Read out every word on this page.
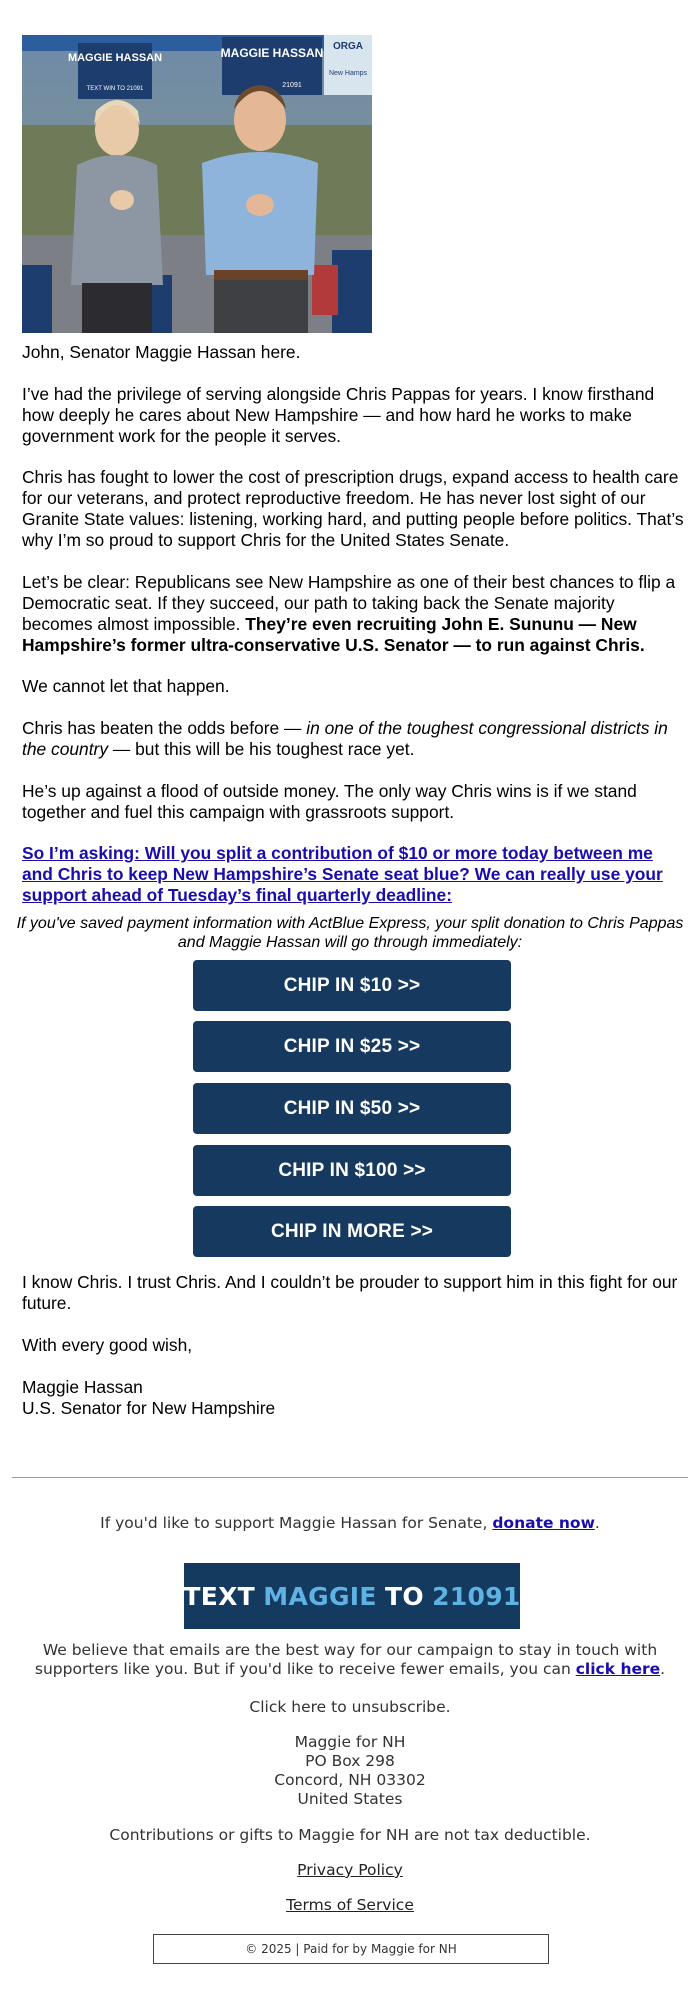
MAGGIE HASSAN
TEXT WIN TO 21091
MAGGIE HASSAN
21091
ORGA
New Hamps
John, Senator Maggie Hassan here.
I’ve had the privilege of serving alongside Chris Pappas for years. I know firsthand how deeply he cares about New Hampshire — and how hard he works to make government work for the people it serves.
Chris has fought to lower the cost of prescription drugs, expand access to health care for our veterans, and protect reproductive freedom. He has never lost sight of our Granite State values: listening, working hard, and putting people before politics. That’s why I’m so proud to support Chris for the United States Senate.
Let’s be clear: Republicans see New Hampshire as one of their best chances to flip a Democratic seat. If they succeed, our path to taking back the Senate majority becomes almost impossible. They’re even recruiting John E. Sununu — New Hampshire’s former ultra-conservative U.S. Senator — to run against Chris.
We cannot let that happen.
Chris has beaten the odds before — in one of the toughest congressional districts in the country — but this will be his toughest race yet.
He’s up against a flood of outside money. The only way Chris wins is if we stand together and fuel this campaign with grassroots support.
So I’m asking: Will you split a contribution of $10 or more today between me and Chris to keep New Hampshire’s Senate seat blue? We can really use your support ahead of Tuesday’s final quarterly deadline:
If you've saved payment information with ActBlue Express, your split donation to Chris Pappas and Maggie Hassan will go through immediately:
CHIP IN $10 >>
CHIP IN $25 >>
CHIP IN $50 >>
CHIP IN $100 >>
CHIP IN MORE >>
I know Chris. I trust Chris. And I couldn’t be prouder to support him in this fight for our future.
With every good wish,
Maggie Hassan
U.S. Senator for New Hampshire
If you'd like to support Maggie Hassan for Senate, donate now.
TEXT
MAGGIE
TO
21091
We believe that emails are the best way for our campaign to stay in touch with supporters like you. But if you'd like to receive fewer emails, you can click here.
Click here to unsubscribe.
Maggie for NH
PO Box 298
Concord, NH 03302
United States
Contributions or gifts to Maggie for NH are not tax deductible.
Privacy Policy
Terms of Service
© 2025 | Paid for by Maggie for NH
